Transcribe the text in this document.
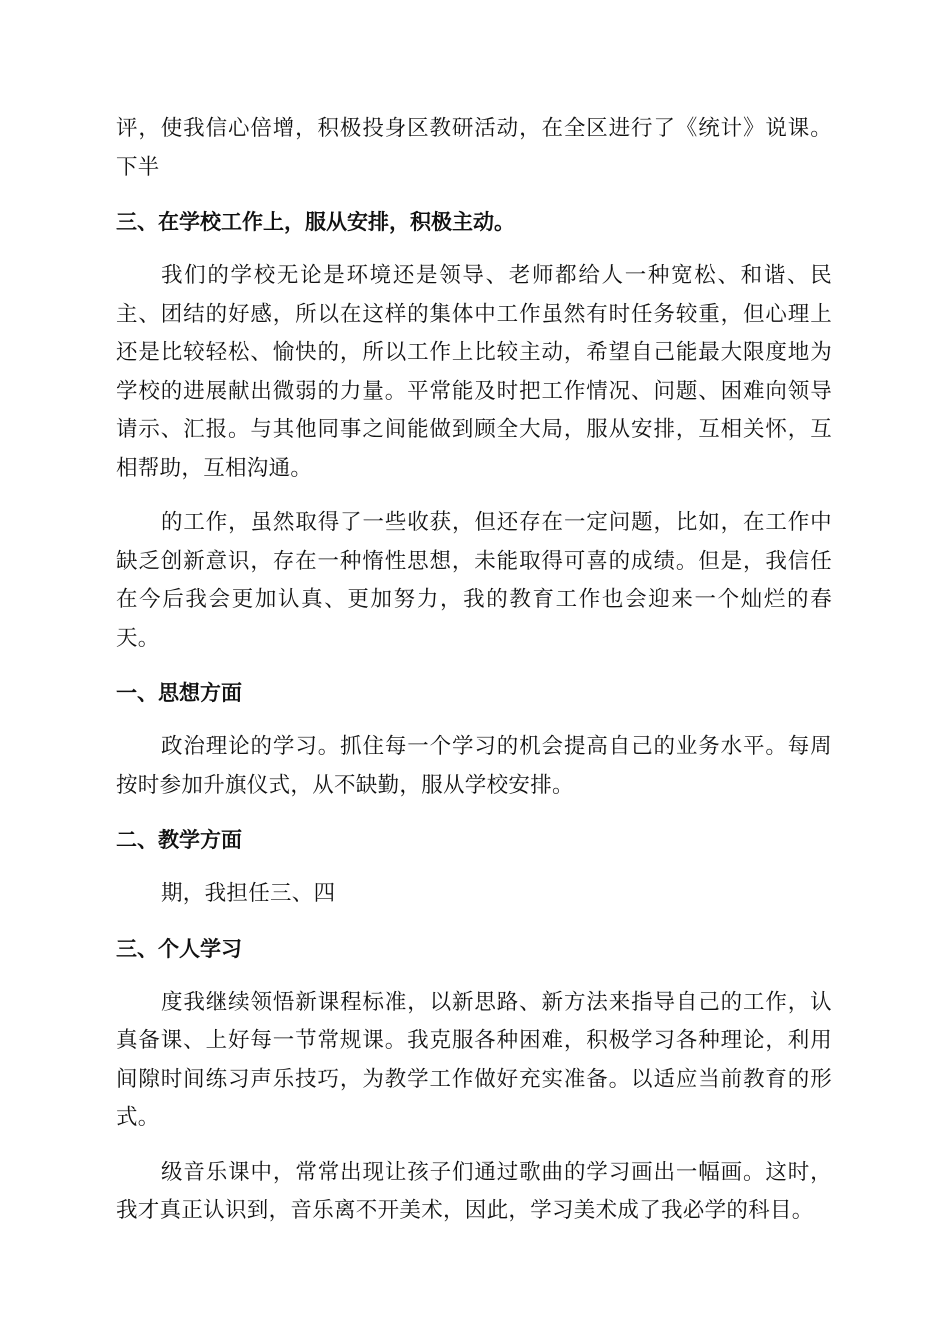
评，使我信心倍增，积极投身区教研活动，在全区进行了《统计》说课。下半

三、在学校工作上，服从安排，积极主动。

我们的学校无论是环境还是领导、老师都给人一种宽松、和谐、民主、团结的好感，所以在这样的集体中工作虽然有时任务较重，但心理上还是比较轻松、愉快的，所以工作上比较主动，希望自己能最大限度地为学校的进展献出微弱的力量。平常能及时把工作情况、问题、困难向领导请示、汇报。与其他同事之间能做到顾全大局，服从安排，互相关怀，互相帮助，互相沟通。

的工作，虽然取得了一些收获，但还存在一定问题，比如，在工作中缺乏创新意识，存在一种惰性思想，未能取得可喜的成绩。但是，我信任在今后我会更加认真、更加努力，我的教育工作也会迎来一个灿烂的春天。

一、思想方面

政治理论的学习。抓住每一个学习的机会提高自己的业务水平。每周按时参加升旗仪式，从不缺勤，服从学校安排。

二、教学方面

期，我担任三、四

三、个人学习

度我继续领悟新课程标准，以新思路、新方法来指导自己的工作，认真备课、上好每一节常规课。我克服各种困难，积极学习各种理论，利用间隙时间练习声乐技巧，为教学工作做好充实准备。以适应当前教育的形式。

级音乐课中，常常出现让孩子们通过歌曲的学习画出一幅画。这时，我才真正认识到，音乐离不开美术，因此，学习美术成了我必学的科目。
